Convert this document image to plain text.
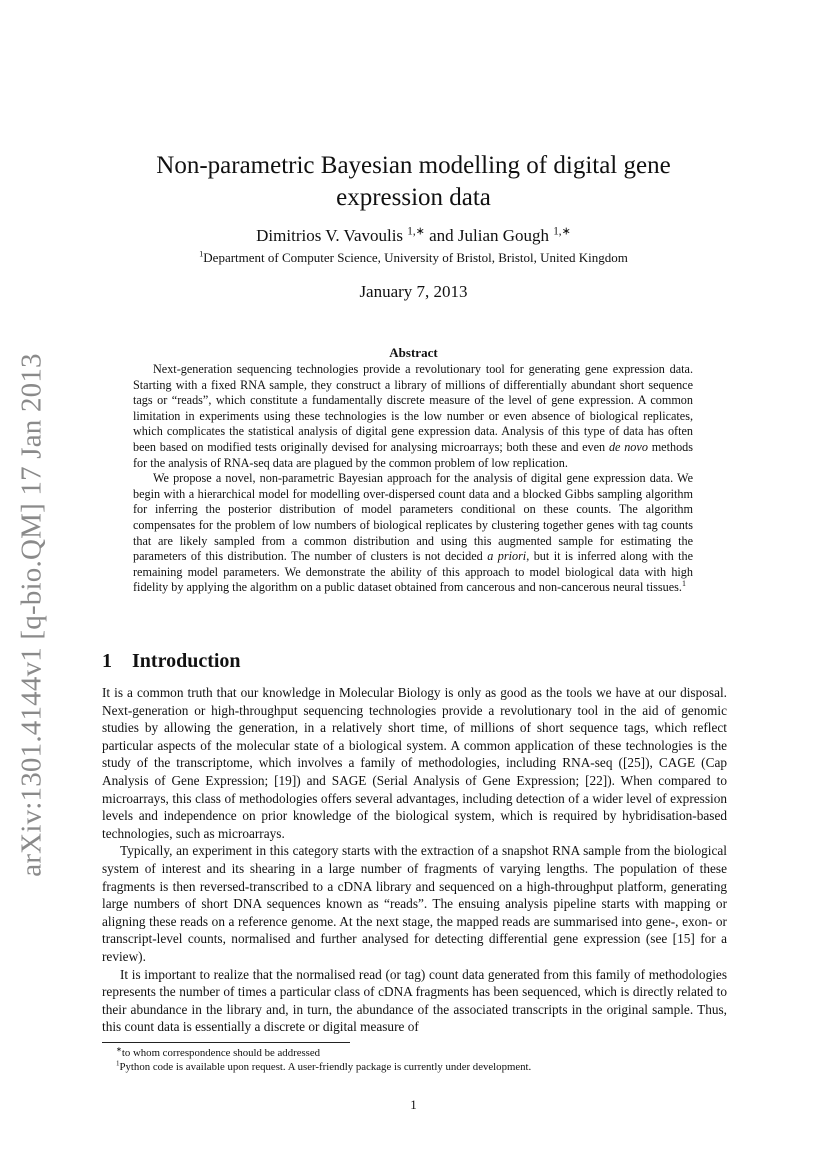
arXiv:1301.4144v1 [q-bio.QM] 17 Jan 2013
Non-parametric Bayesian modelling of digital gene expression data
Dimitrios V. Vavoulis $^{1,∗}$ and Julian Gough $^{1,∗}$
$^1$Department of Computer Science, University of Bristol, Bristol, United Kingdom
January 7, 2013
Abstract

Next-generation sequencing technologies provide a revolutionary tool for generating gene expression data. Starting with a fixed RNA sample, they construct a library of millions of differentially abundant short sequence tags or “reads”, which constitute a fundamentally discrete measure of the level of gene expression. A common limitation in experiments using these technologies is the low number or even absence of biological replicates, which complicates the statistical analysis of digital gene expression data. Analysis of this type of data has often been based on modified tests originally devised for analysing microarrays; both these and even de novo methods for the analysis of RNA-seq data are plagued by the common problem of low replication.

We propose a novel, non-parametric Bayesian approach for the analysis of digital gene expression data. We begin with a hierarchical model for modelling over-dispersed count data and a blocked Gibbs sampling algorithm for inferring the posterior distribution of model parameters conditional on these counts. The algorithm compensates for the problem of low numbers of biological replicates by clustering together genes with tag counts that are likely sampled from a common distribution and using this augmented sample for estimating the parameters of this distribution. The number of clusters is not decided a priori, but it is inferred along with the remaining model parameters. We demonstrate the ability of this approach to model biological data with high fidelity by applying the algorithm on a public dataset obtained from cancerous and non-cancerous neural tissues.$^1$

1 Introduction

It is a common truth that our knowledge in Molecular Biology is only as good as the tools we have at our disposal. Next-generation or high-throughput sequencing technologies provide a revolutionary tool in the aid of genomic studies by allowing the generation, in a relatively short time, of millions of short sequence tags, which reflect particular aspects of the molecular state of a biological system. A common application of these technologies is the study of the transcriptome, which involves a family of methodologies, including RNA-seq ([25]), CAGE (Cap Analysis of Gene Expression; [19]) and SAGE (Serial Analysis of Gene Expression; [22]). When compared to microarrays, this class of methodologies offers several advantages, including detection of a wider level of expression levels and independence on prior knowledge of the biological system, which is required by hybridisation-based technologies, such as microarrays.

Typically, an experiment in this category starts with the extraction of a snapshot RNA sample from the biological system of interest and its shearing in a large number of fragments of varying lengths. The population of these fragments is then reversed-transcribed to a cDNA library and sequenced on a high-throughput platform, generating large numbers of short DNA sequences known as “reads”. The ensuing analysis pipeline starts with mapping or aligning these reads on a reference genome. At the next stage, the mapped reads are summarised into gene-, exon- or transcript-level counts, normalised and further analysed for detecting differential gene expression (see [15] for a review).

It is important to realize that the normalised read (or tag) count data generated from this family of methodologies represents the number of times a particular class of cDNA fragments has been sequenced, which is directly related to their abundance in the library and, in turn, the abundance of the associated transcripts in the original sample. Thus, this count data is essentially a discrete or digital measure of

∗to whom correspondence should be addressed
$^1$Python code is available upon request. A user-friendly package is currently under development.
1
